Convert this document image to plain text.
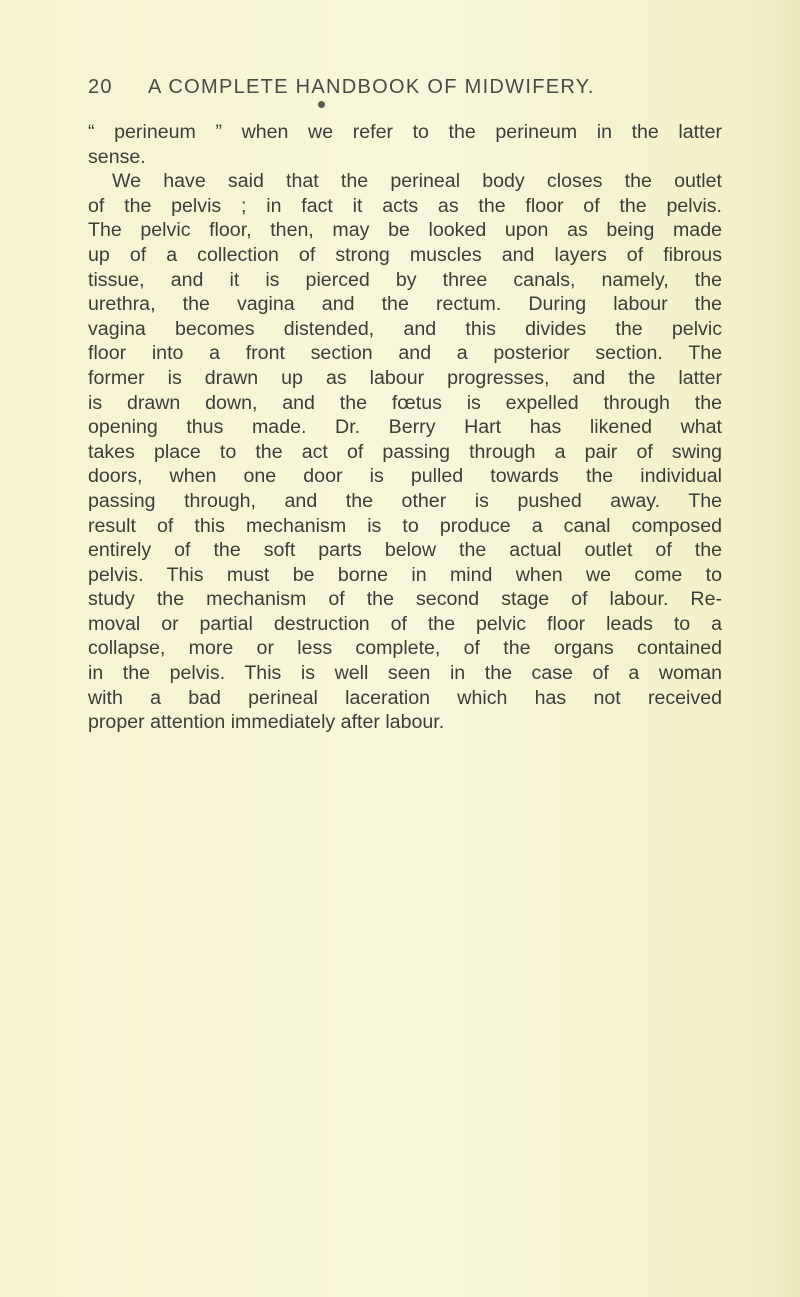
20 A COMPLETE HANDBOOK OF MIDWIFERY.
“ perineum ” when we refer to the perineum in the latter
sense.
We have said that the perineal body closes the outlet
of the pelvis ; in fact it acts as the floor of the pelvis.
The pelvic floor, then, may be looked upon as being made
up of a collection of strong muscles and layers of fibrous
tissue, and it is pierced by three canals, namely, the
urethra, the vagina and the rectum. During labour the
vagina becomes distended, and this divides the pelvic
floor into a front section and a posterior section. The
former is drawn up as labour progresses, and the latter
is drawn down, and the fœtus is expelled through the
opening thus made. Dr. Berry Hart has likened what
takes place to the act of passing through a pair of swing
doors, when one door is pulled towards the individual
passing through, and the other is pushed away. The
result of this mechanism is to produce a canal composed
entirely of the soft parts below the actual outlet of the
pelvis. This must be borne in mind when we come to
study the mechanism of the second stage of labour. Re-
moval or partial destruction of the pelvic floor leads to a
collapse, more or less complete, of the organs contained
in the pelvis. This is well seen in the case of a woman
with a bad perineal laceration which has not received
proper attention immediately after labour.
